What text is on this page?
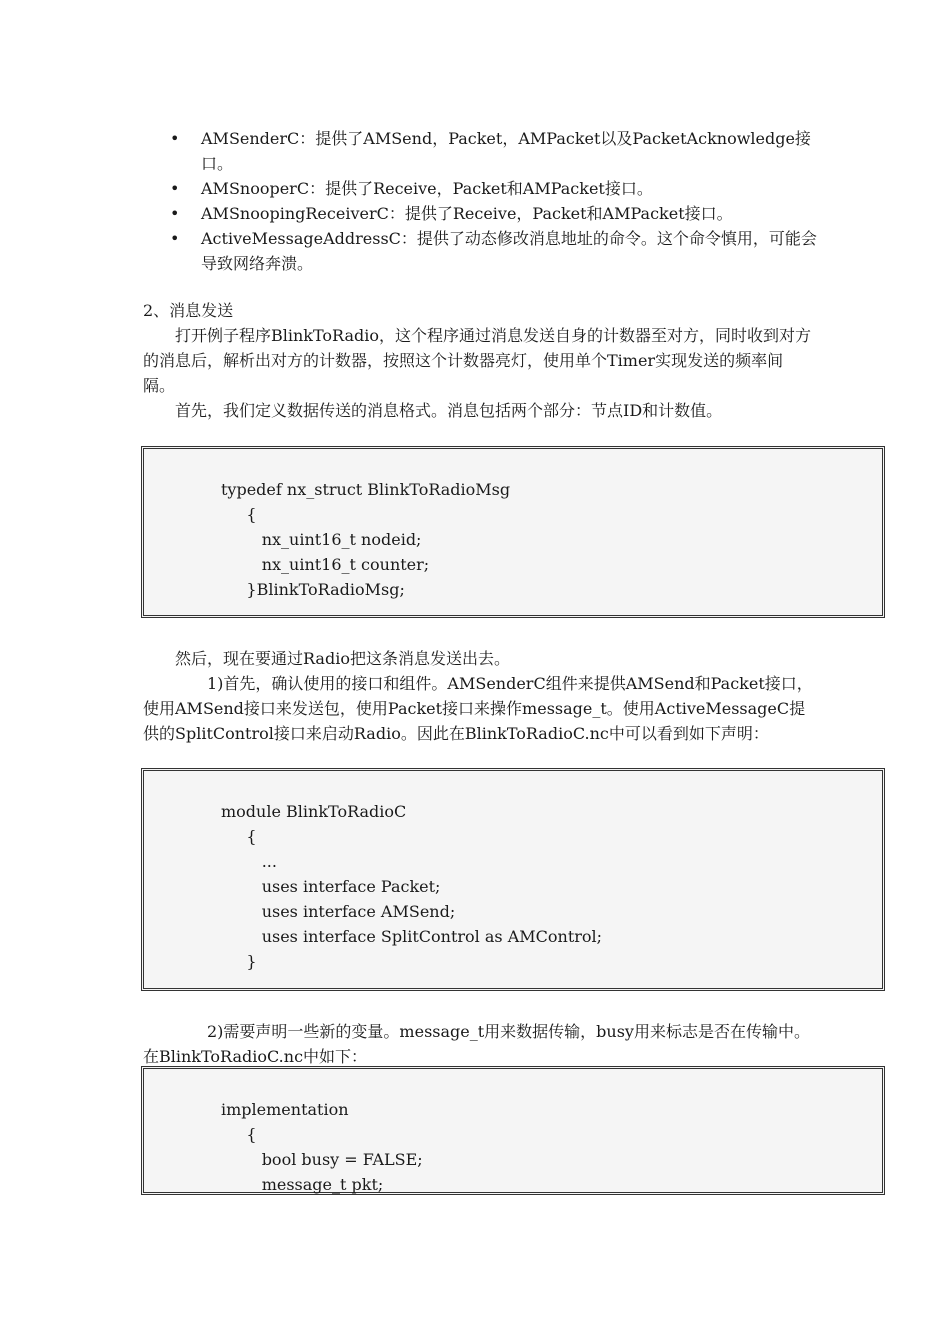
• AMSenderC：提供了AMSend，Packet，AMPacket以及PacketAcknowledge接口。
• AMSnooperC：提供了Receive，Packet和AMPacket接口。
• AMSnoopingReceiverC：提供了Receive，Packet和AMPacket接口。
• ActiveMessageAddressC：提供了动态修改消息地址的命令。这个命令慎用，可能会导致网络奔溃。

2、消息发送

　　打开例子程序BlinkToRadio，这个程序通过消息发送自身的计数器至对方，同时收到对方的消息后，解析出对方的计数器，按照这个计数器亮灯，使用单个Timer实现发送的频率间隔。

　　首先，我们定义数据传送的消息格式。消息包括两个部分：节点ID和计数值。

typedef nx_struct BlinkToRadioMsg
{
nx_uint16_t nodeid;
nx_uint16_t counter;
}BlinkToRadioMsg;

　　然后，现在要通过Radio把这条消息发送出去。

　　　　1)首先，确认使用的接口和组件。AMSenderC组件来提供AMSend和Packet接口，使用AMSend接口来发送包，使用Packet接口来操作message_t。使用ActiveMessageC提供的SplitControl接口来启动Radio。因此在BlinkToRadioC.nc中可以看到如下声明：

module BlinkToRadioC
{
...
uses interface Packet;
uses interface AMSend;
uses interface SplitControl as AMControl;
}

　　　　2)需要声明一些新的变量。message_t用来数据传输，busy用来标志是否在传输中。在BlinkToRadioC.nc中如下：

implementation
{
bool busy = FALSE;
message_t pkt;
